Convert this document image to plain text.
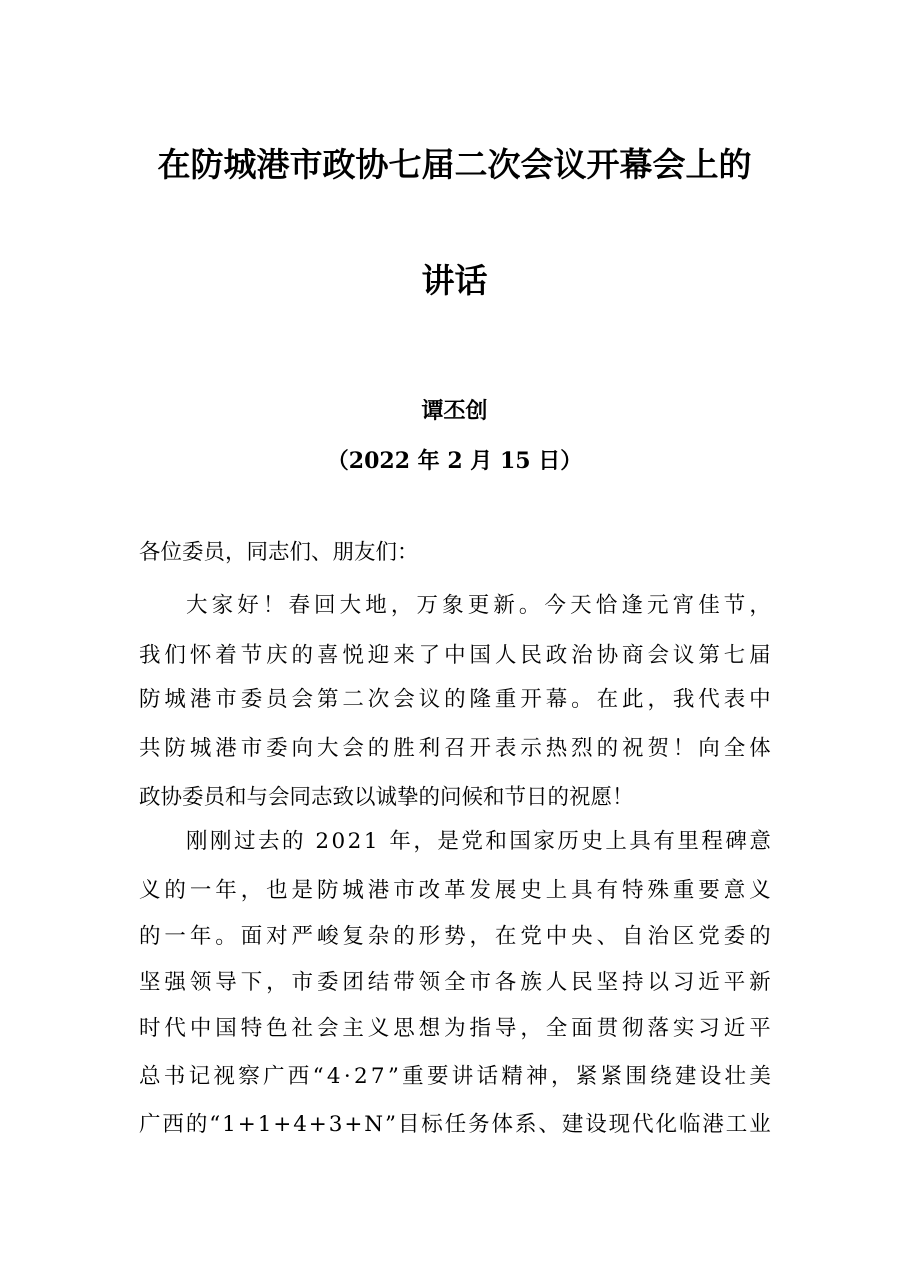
在防城港市政协七届二次会议开幕会上的
讲话
谭丕创
（2022 年 2 月 15 日）
各位委员，同志们、朋友们：
大 家 好 ！ 春 回 大 地 ， 万 象 更 新 。 今 天 恰 逢 元 宵 佳 节 ，
我 们 怀 着 节 庆 的 喜 悦 迎 来 了 中 国 人 民 政 治 协 商 会 议 第 七 届
防 城 港 市 委 员 会 第 二 次 会 议 的 隆 重 开 幕 。 在 此 ， 我 代 表 中
共 防 城 港 市 委 向 大 会 的 胜 利 召 开 表 示 热 烈 的 祝 贺 ！ 向 全 体
政协委员和与会同志致以诚挚的问候和节日的祝愿！
刚 刚 过 去 的
2 0 2 1
年 ， 是 党 和 国 家 历 史 上 具 有 里 程 碑 意
义 的 一 年 ， 也 是 防 城 港 市 改 革 发 展 史 上 具 有 特 殊 重 要 意 义
的 一 年 。 面 对 严 峻 复 杂 的 形 势 ， 在 党 中 央 、 自 治 区 党 委 的
坚 强 领 导 下 ， 市 委 团 结 带 领 全 市 各 族 人 民 坚 持 以 习 近 平 新
时 代 中 国 特 色 社 会 主 义 思 想 为 指 导 ， 全 面 贯 彻 落 实 习 近 平
总 书 记 视 察 广 西 “ 4 · 2 7 ” 重 要 讲 话 精 神 ， 紧 紧 围 绕 建 设 壮 美
广 西 的 “ 1 + 1 + 4 + 3 + N ” 目 标 任 务 体 系 、 建 设 现 代 化 临 港 工 业
